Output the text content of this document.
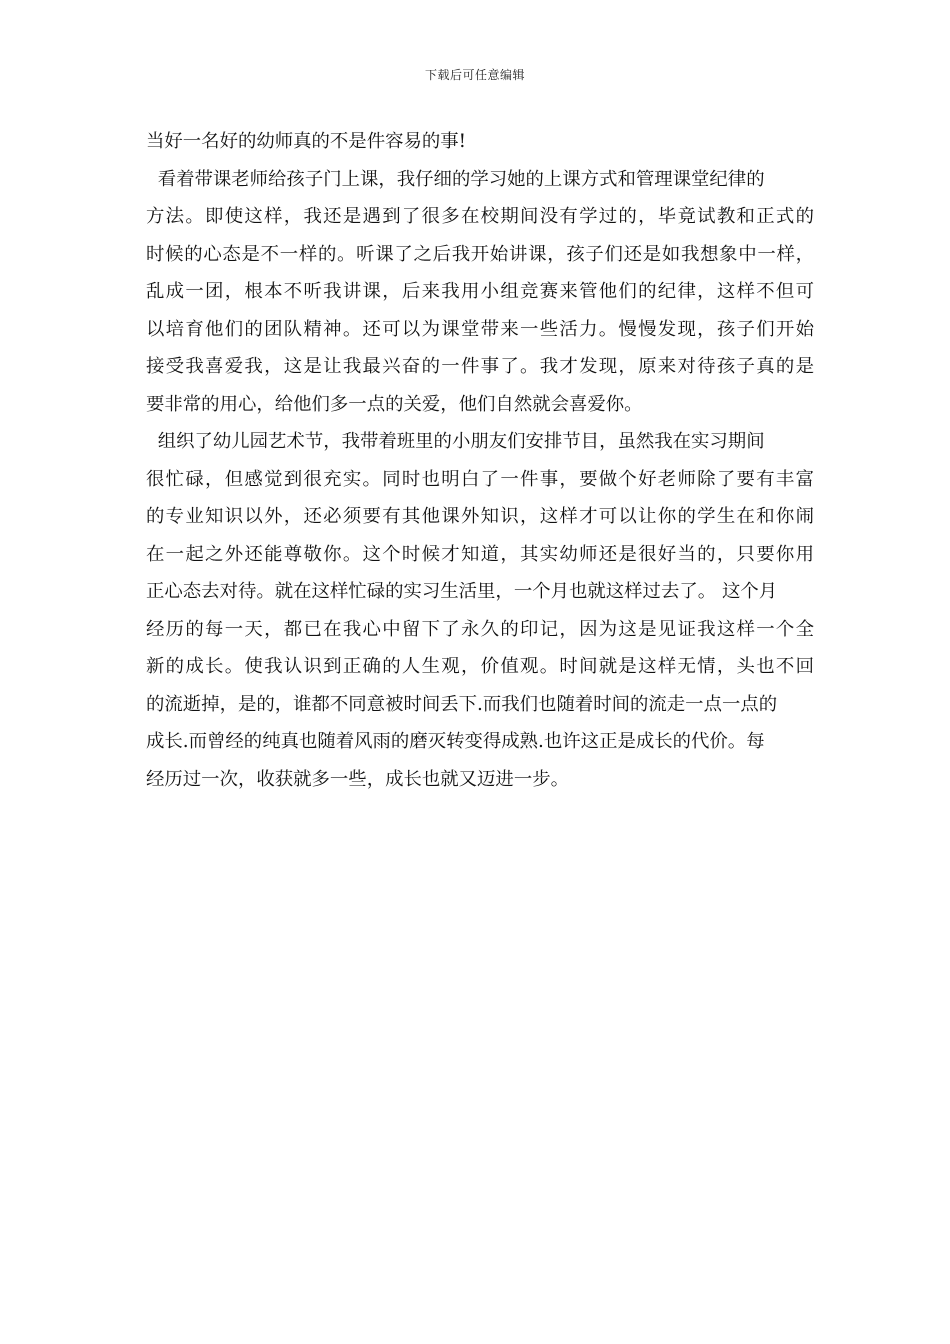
下载后可任意编辑
当好一名好的幼师真的不是件容易的事!
看着带课老师给孩子门上课，我仔细的学习她的上课方式和管理课堂纪律的
方法。即使这样，我还是遇到了很多在校期间没有学过的，毕竟试教和正式的
时候的心态是不一样的。听课了之后我开始讲课，孩子们还是如我想象中一样，
乱成一团，根本不听我讲课，后来我用小组竞赛来管他们的纪律，这样不但可
以培育他们的团队精神。还可以为课堂带来一些活力。慢慢发现，孩子们开始
接受我喜爱我，这是让我最兴奋的一件事了。我才发现，原来对待孩子真的是
要非常的用心，给他们多一点的关爱，他们自然就会喜爱你。
组织了幼儿园艺术节，我带着班里的小朋友们安排节目，虽然我在实习期间
很忙碌，但感觉到很充实。同时也明白了一件事，要做个好老师除了要有丰富
的专业知识以外，还必须要有其他课外知识，这样才可以让你的学生在和你闹
在一起之外还能尊敬你。这个时候才知道，其实幼师还是很好当的，只要你用
正心态去对待。就在这样忙碌的实习生活里，一个月也就这样过去了。 这个月
经历的每一天，都已在我心中留下了永久的印记，因为这是见证我这样一个全
新的成长。使我认识到正确的人生观，价值观。时间就是这样无情，头也不回
的流逝掉，是的，谁都不同意被时间丢下.而我们也随着时间的流走一点一点的
成长.而曾经的纯真也随着风雨的磨灭转变得成熟.也许这正是成长的代价。每
经历过一次，收获就多一些，成长也就又迈进一步。
